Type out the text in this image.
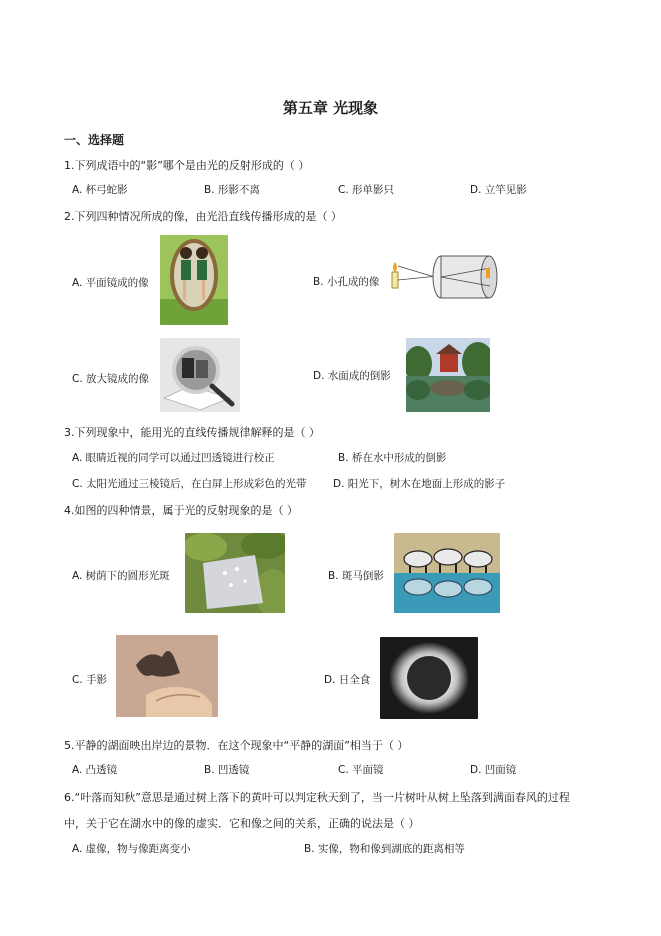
第五章 光现象
一、选择题
1.下列成语中的“影”哪个是由光的反射形成的（ ）
A. 杯弓蛇影	B. 形影不离	C. 形单影只	D. 立竿见影
2.下列四种情况所成的像，由光沿直线传播形成的是（ ）
A. 平面镜成的像	B. 小孔成的像
C. 放大镜成的像	D. 水面成的倒影
3.下列现象中，能用光的直线传播规律解释的是（ ）
A. 眼睛近视的同学可以通过凹透镜进行校正	B. 桥在水中形成的倒影
C. 太阳光通过三棱镜后，在白屏上形成彩色的光带	D. 阳光下，树木在地面上形成的影子
4.如图的四种情景，属于光的反射现象的是（ ）
A. 树荫下的圆形光斑	B. 斑马倒影
C. 手影	D. 日全食
5.平静的湖面映出岸边的景物．在这个现象中“平静的湖面”相当于（ ）
A. 凸透镜	B. 凹透镜	C. 平面镜	D. 凹面镜
6.“叶落而知秋”意思是通过树上落下的黄叶可以判定秋天到了，当一片树叶从树上坠落到满面春风的过程
中，关于它在湖水中的像的虚实．它和像之间的关系，正确的说法是（ ）
A. 虚像，物与像距离变小	B. 实像，物和像到湖底的距离相等
